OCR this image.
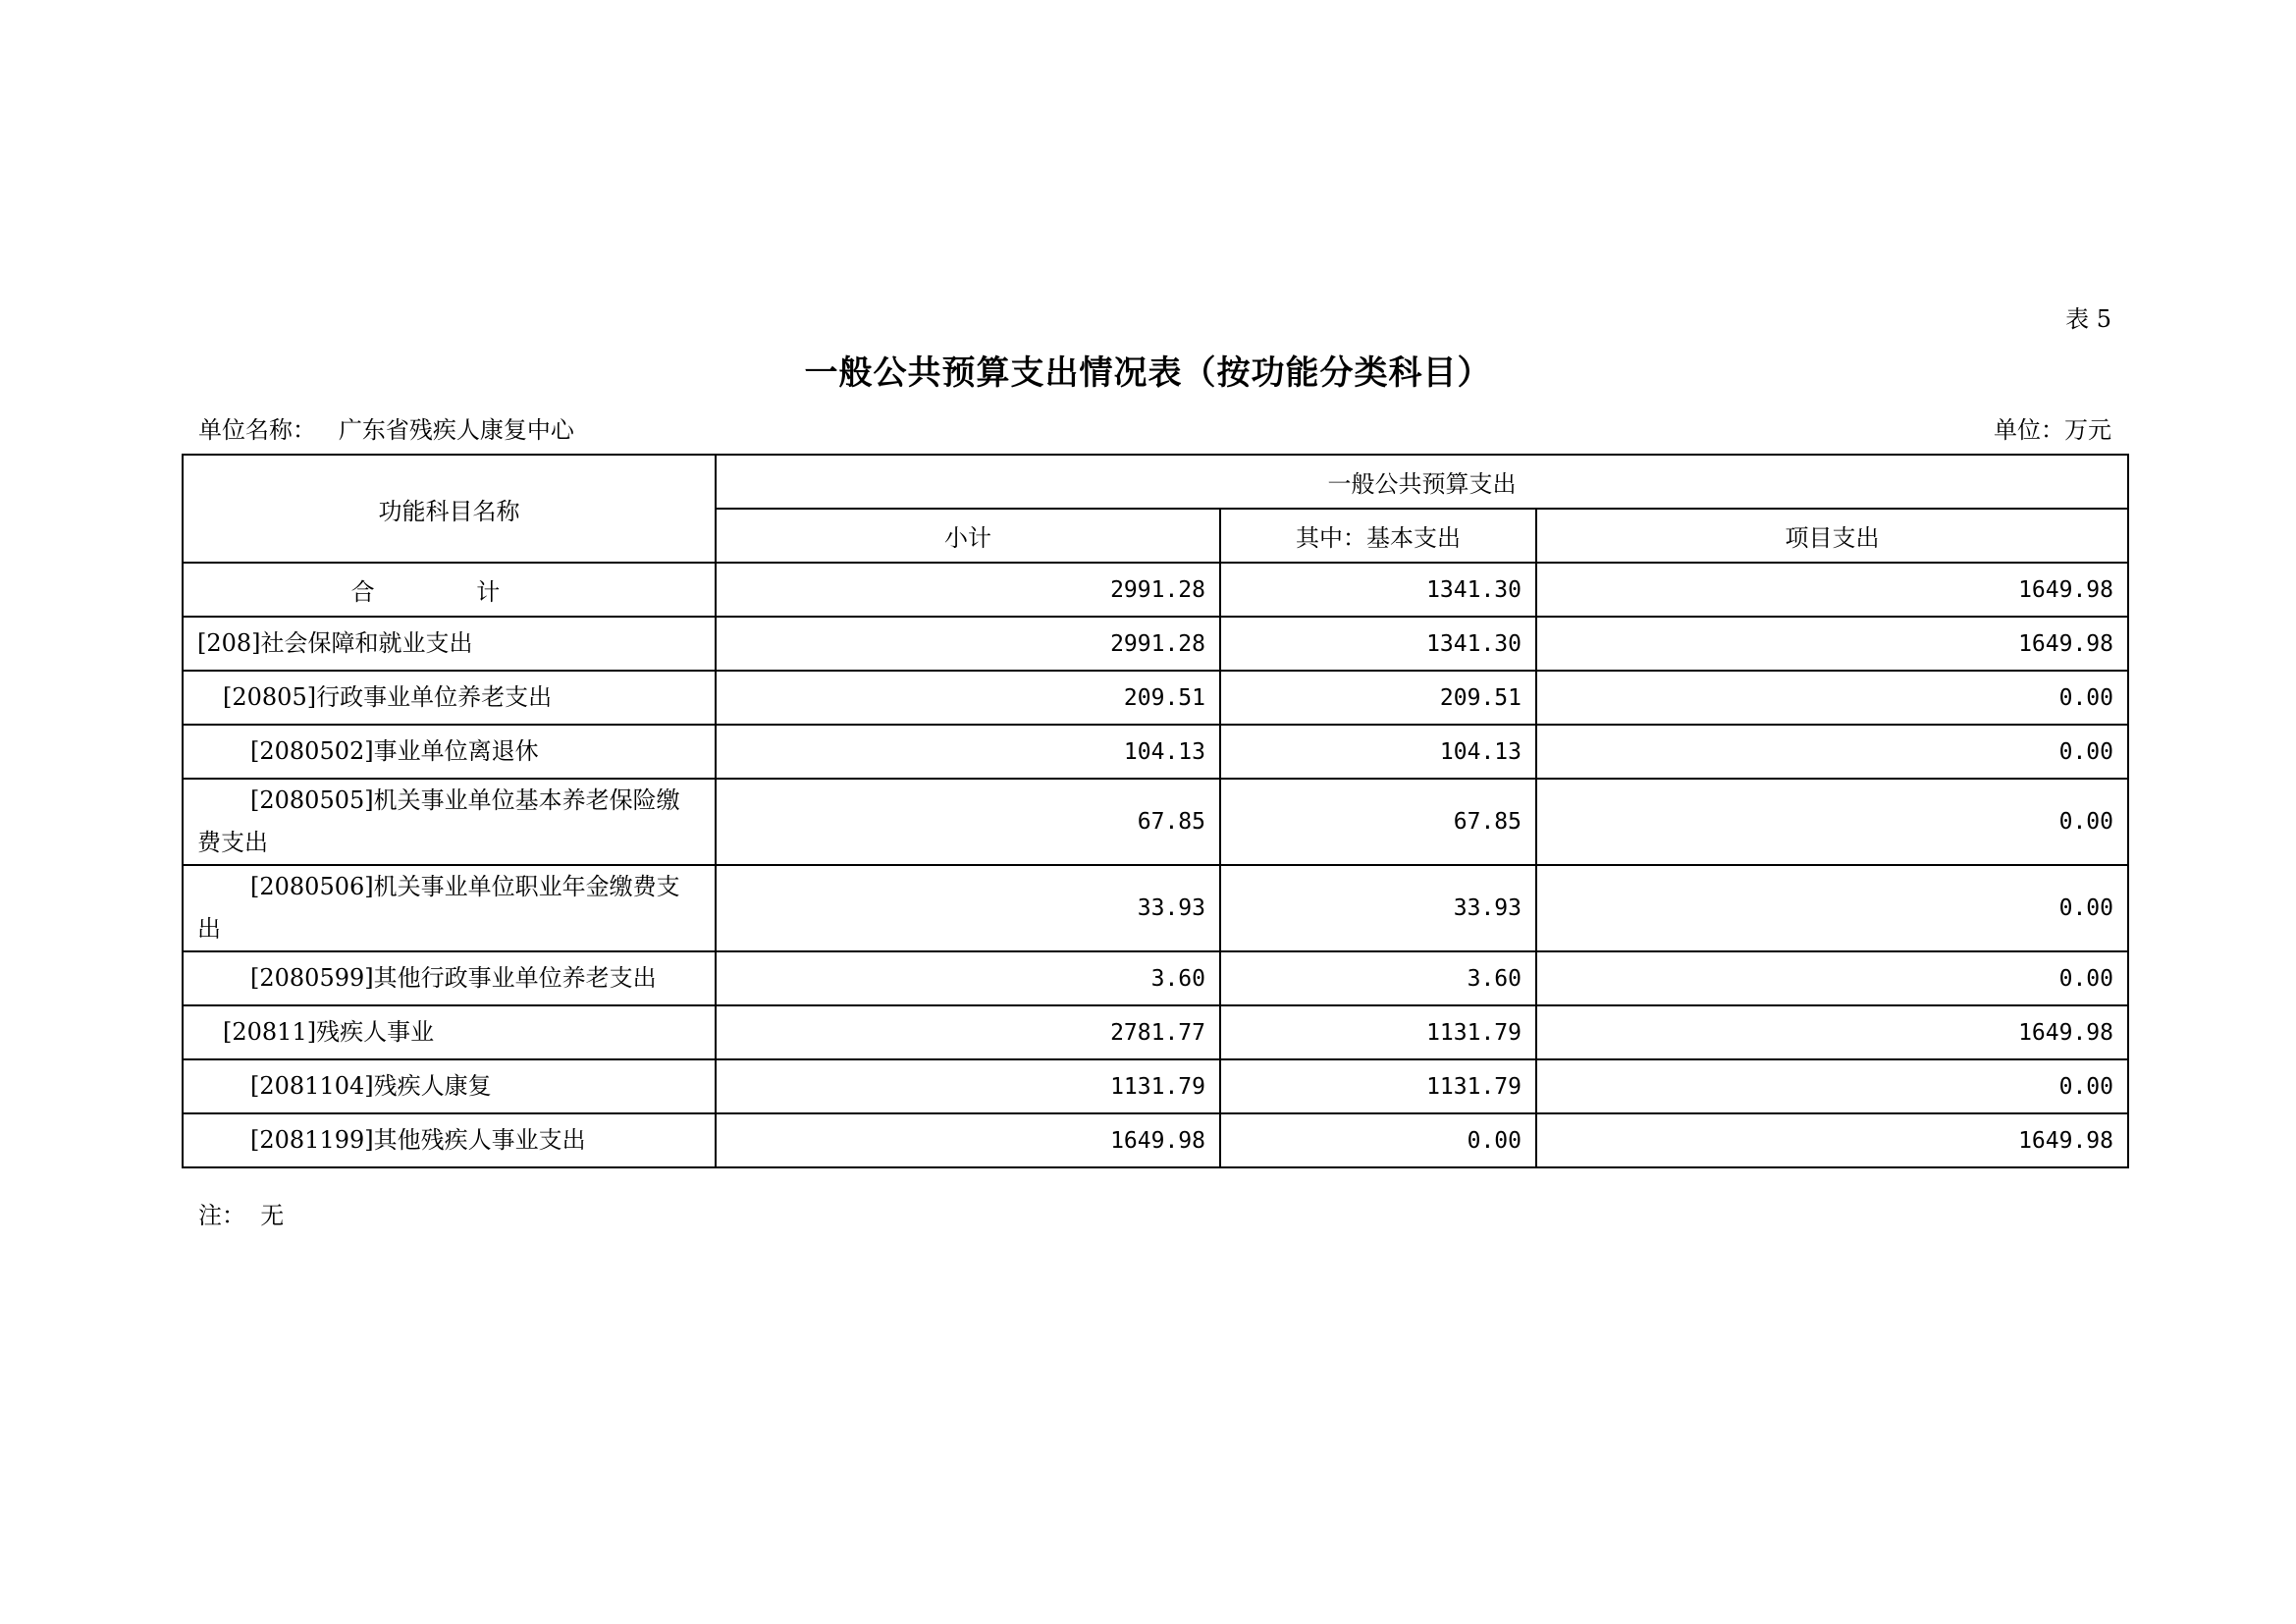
表 5
一般公共预算支出情况表（按功能分类科目）
单位名称： 广东省残疾人康复中心	单位：万元
功能科目名称	一般公共预算支出		
	小计	其中：基本支出	项目支出
合 计	2991.28	1341.30	1649.98
[208]社会保障和就业支出	2991.28	1341.30	1649.98
[20805]行政事业单位养老支出	209.51	209.51	0.00
[2080502]事业单位离退休	104.13	104.13	0.00
[2080505]机关事业单位基本养老保险缴费支出	67.85	67.85	0.00
[2080506]机关事业单位职业年金缴费支出	33.93	33.93	0.00
[2080599]其他行政事业单位养老支出	3.60	3.60	0.00
[20811]残疾人事业	2781.77	1131.79	1649.98
[2081104]残疾人康复	1131.79	1131.79	0.00
[2081199]其他残疾人事业支出	1649.98	0.00	1649.98
注： 无
